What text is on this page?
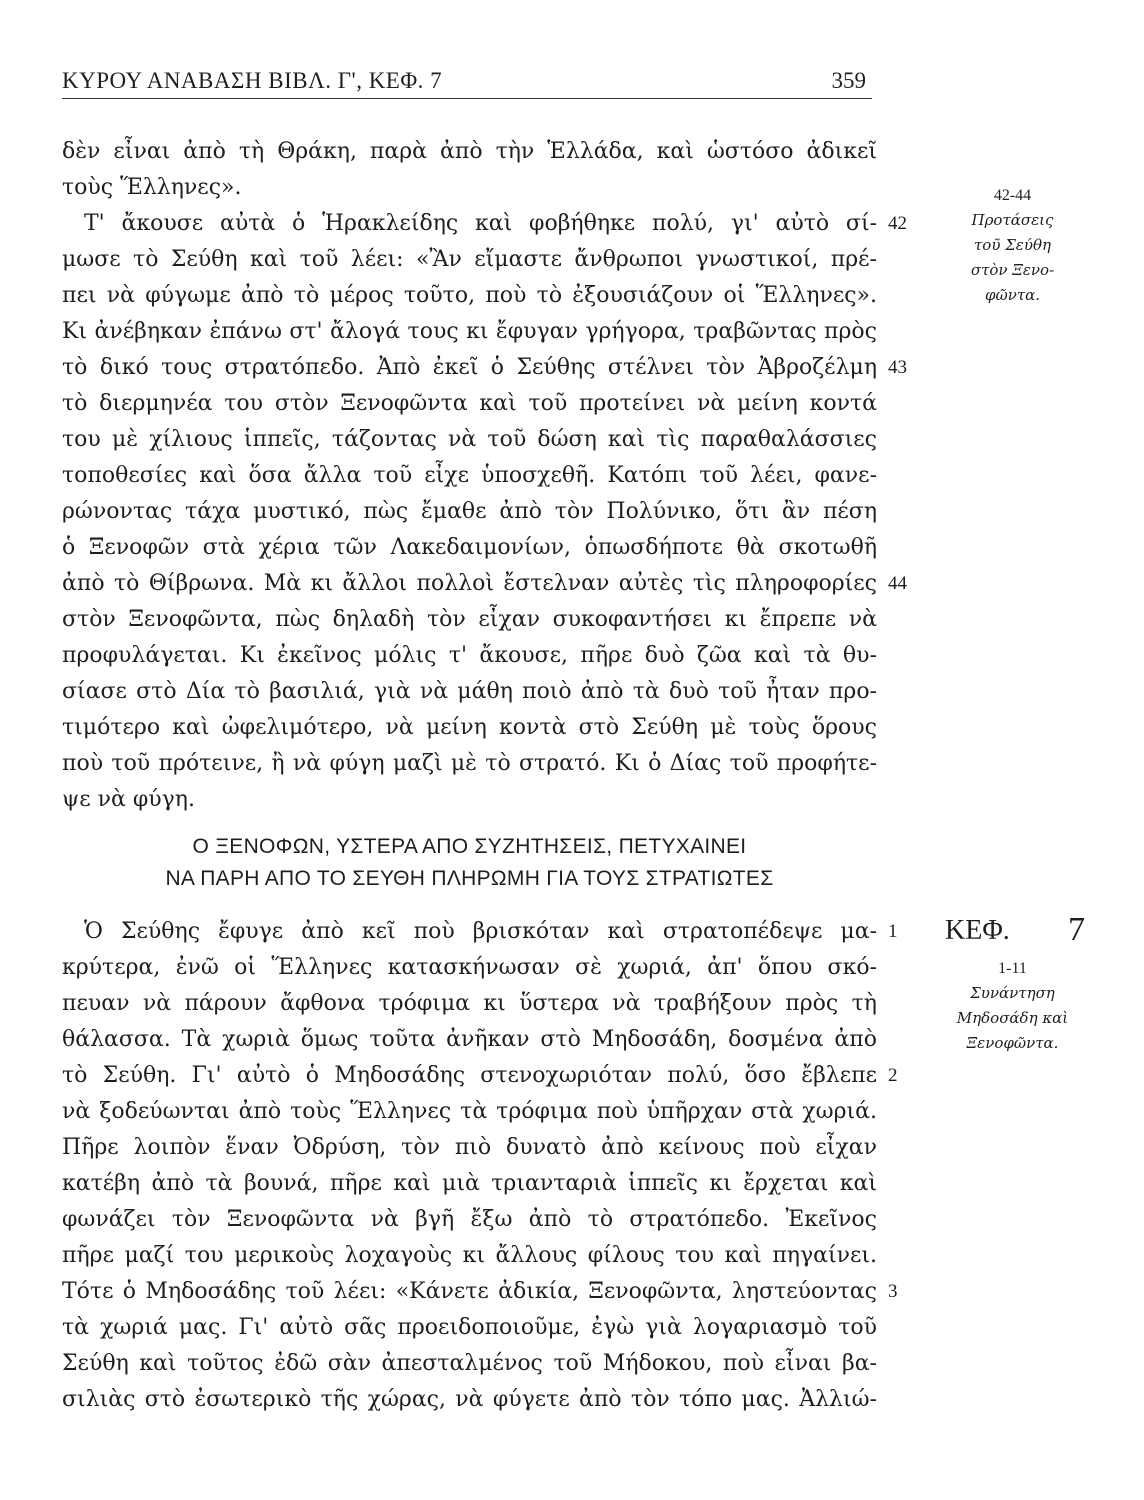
ΚΥΡΟΥ ΑΝΑΒΑΣΗ ΒΙΒΛ. Γ', ΚΕΦ. 7	359
δὲν εἶναι ἀπὸ τὴ Θράκη, παρὰ ἀπὸ τὴν Ἑλλάδα, καὶ ὡστόσο ἀδικεῖ
τοὺς Ἕλληνες».
Τ' ἄκουσε αὐτὰ ὁ Ἡρακλείδης καὶ φοβήθηκε πολύ, γι' αὐτὸ σί-
μωσε τὸ Σεύθη καὶ τοῦ λέει: «Ἂν εἴμαστε ἄνθρωποι γνωστικοί, πρέ-
πει νὰ φύγωμε ἀπὸ τὸ μέρος τοῦτο, ποὺ τὸ ἐξουσιάζουν οἱ Ἕλληνες».
Κι ἀνέβηκαν ἐπάνω στ' ἄλογά τους κι ἔφυγαν γρήγορα, τραβῶντας πρὸς
τὸ δικό τους στρατόπεδο. Ἀπὸ ἐκεῖ ὁ Σεύθης στέλνει τὸν Ἀβροζέλμη
τὸ διερμηνέα του στὸν Ξενοφῶντα καὶ τοῦ προτείνει νὰ μείνη κοντά
του μὲ χίλιους ἱππεῖς, τάζοντας νὰ τοῦ δώση καὶ τὶς παραθαλάσσιες
τοποθεσίες καὶ ὅσα ἄλλα τοῦ εἶχε ὑποσχεθῆ. Κατόπι τοῦ λέει, φανε-
ρώνοντας τάχα μυστικό, πὼς ἔμαθε ἀπὸ τὸν Πολύνικο, ὅτι ἂν πέση
ὁ Ξενοφῶν στὰ χέρια τῶν Λακεδαιμονίων, ὁπωσδήποτε θὰ σκοτωθῆ
ἀπὸ τὸ Θίβρωνα. Μὰ κι ἄλλοι πολλοὶ ἔστελναν αὐτὲς τὶς πληροφορίες
στὸν Ξενοφῶντα, πὼς δηλαδὴ τὸν εἶχαν συκοφαντήσει κι ἔπρεπε νὰ
προφυλάγεται. Κι ἐκεῖνος μόλις τ' ἄκουσε, πῆρε δυὸ ζῶα καὶ τὰ θυ-
σίασε στὸ Δία τὸ βασιλιά, γιὰ νὰ μάθη ποιὸ ἀπὸ τὰ δυὸ τοῦ ἦταν προ-
τιμότερο καὶ ὠφελιμότερο, νὰ μείνη κοντὰ στὸ Σεύθη μὲ τοὺς ὅρους
ποὺ τοῦ πρότεινε, ἢ νὰ φύγη μαζὶ μὲ τὸ στρατό. Κι ὁ Δίας τοῦ προφήτε-
ψε νὰ φύγη.
42
43
44
42-44
Προτάσεις
τοῦ Σεύθη
στὸν Ξενο-
φῶντα.
Ο ΞΕΝΟΦΩΝ, ΥΣΤΕΡΑ ΑΠΟ ΣΥΖΗΤΗΣΕΙΣ, ΠΕΤΥΧΑΙΝΕΙ
ΝΑ ΠΑΡΗ ΑΠΟ ΤΟ ΣΕΥΘΗ ΠΛΗΡΩΜΗ ΓΙΑ ΤΟΥΣ ΣΤΡΑΤΙΩΤΕΣ
Ὁ Σεύθης ἔφυγε ἀπὸ κεῖ ποὺ βρισκόταν καὶ στρατοπέδεψε μα-
κρύτερα, ἐνῶ οἱ Ἕλληνες κατασκήνωσαν σὲ χωριά, ἀπ' ὅπου σκό-
πευαν νὰ πάρουν ἄφθονα τρόφιμα κι ὕστερα νὰ τραβήξουν πρὸς τὴ
θάλασσα. Τὰ χωριὰ ὅμως τοῦτα ἀνῆκαν στὸ Μηδοσάδη, δοσμένα ἀπὸ
τὸ Σεύθη. Γι' αὐτὸ ὁ Μηδοσάδης στενοχωριόταν πολύ, ὅσο ἔβλεπε
νὰ ξοδεύωνται ἀπὸ τοὺς Ἕλληνες τὰ τρόφιμα ποὺ ὑπῆρχαν στὰ χωριά.
Πῆρε λοιπὸν ἕναν Ὀδρύση, τὸν πιὸ δυνατὸ ἀπὸ κείνους ποὺ εἶχαν
κατέβη ἀπὸ τὰ βουνά, πῆρε καὶ μιὰ τριανταριὰ ἱππεῖς κι ἔρχεται καὶ
φωνάζει τὸν Ξενοφῶντα νὰ βγῆ ἔξω ἀπὸ τὸ στρατόπεδο. Ἐκεῖνος
πῆρε μαζί του μερικοὺς λοχαγοὺς κι ἄλλους φίλους του καὶ πηγαίνει.
Τότε ὁ Μηδοσάδης τοῦ λέει: «Κάνετε ἀδικία, Ξενοφῶντα, ληστεύοντας
τὰ χωριά μας. Γι' αὐτὸ σᾶς προειδοποιοῦμε, ἐγὼ γιὰ λογαριασμὸ τοῦ
Σεύθη καὶ τοῦτος ἐδῶ σὰν ἀπεσταλμένος τοῦ Μήδοκου, ποὺ εἶναι βα-
σιλιὰς στὸ ἐσωτερικὸ τῆς χώρας, νὰ φύγετε ἀπὸ τὸν τόπο μας. Ἀλλιώ-
1
2
3
ΚΕΦ. 7
1-11
Συνάντηση
Μηδοσάδη καὶ
Ξενοφῶντα.
